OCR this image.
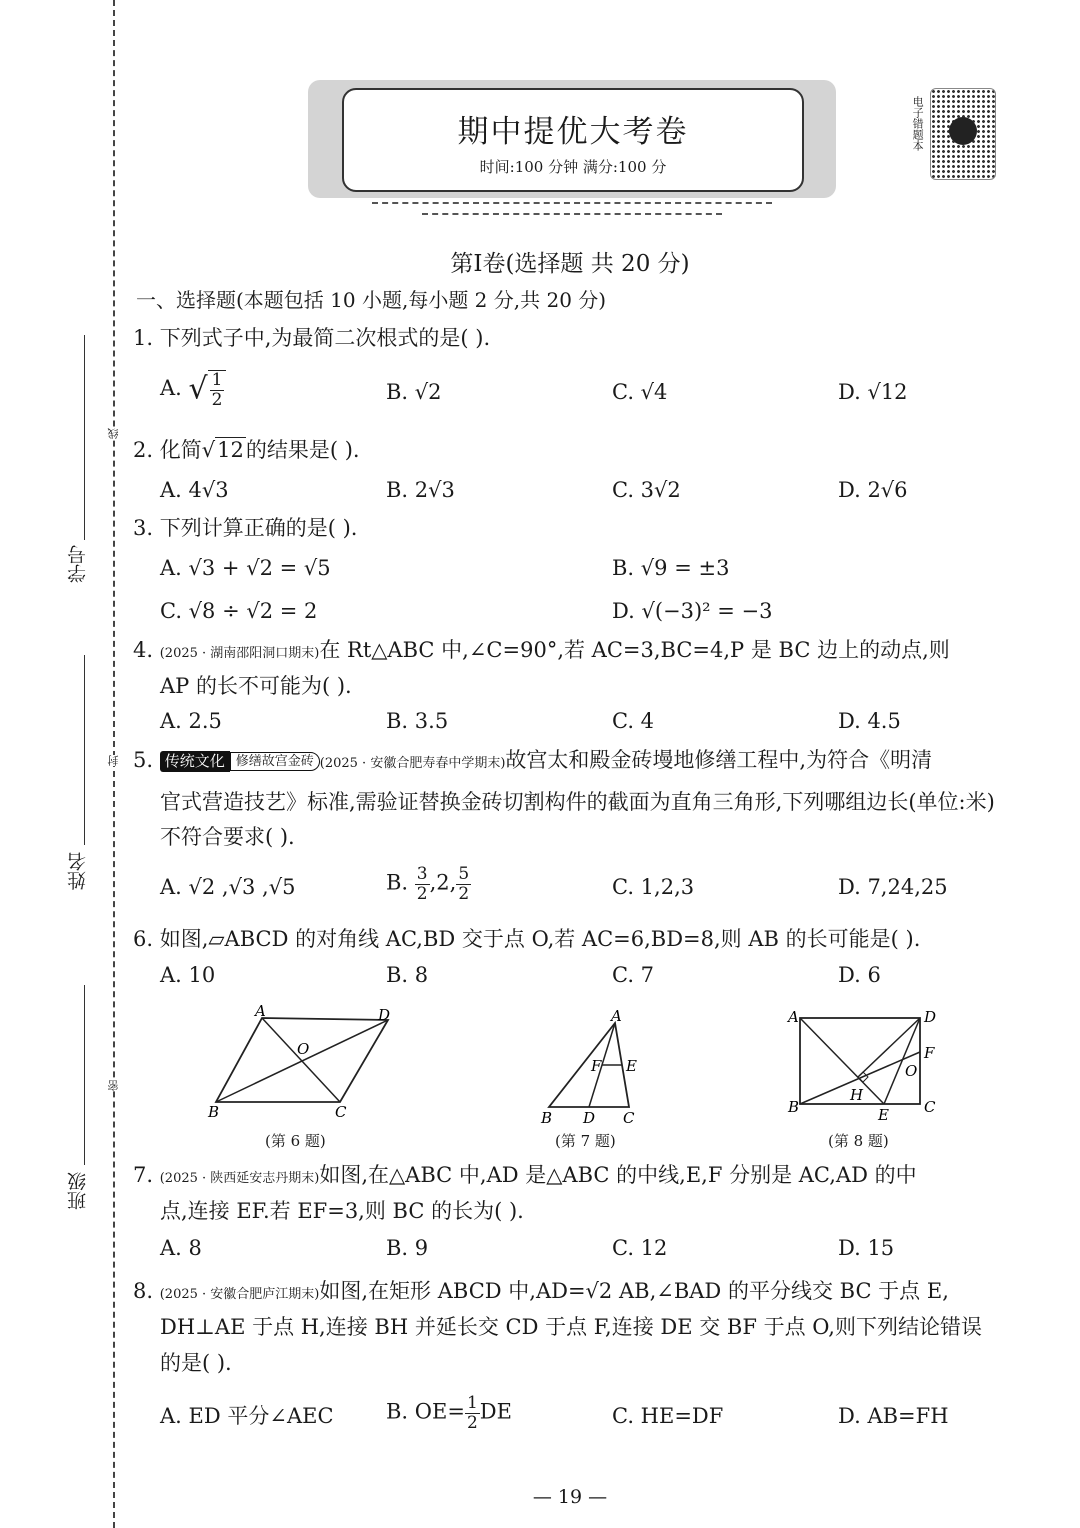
学号
姓名
班级
线
封
密
期中提优大考卷
时间:100 分钟 满分:100 分
电子错题本
第Ⅰ卷(选择题 共 20 分)
一、选择题(本题包括 10 小题,每小题 2 分,共 20 分)
1. 下列式子中,为最简二次根式的是( ).
A. √ $\frac{1}{2}$	B. √2	C. √4	D. √12
2. 化简√12的结果是( ).
A. 4√3	B. 2√3	C. 3√2	D. 2√6
3. 下列计算正确的是( ).
A. √3 + √2 = √5	B. √9 = ±3
C. √8 ÷ √2 = 2	D. √(−3)² = −3
4. (2025 · 湖南邵阳洞口期末)在 Rt△ABC 中,∠C=90°,若 AC=3,BC=4,P 是 BC 边上的动点,则
AP 的长不可能为( ).
A. 2.5	B. 3.5	C. 4	D. 4.5
5. 传统文化 修缮故宫金砖 (2025 · 安徽合肥寿春中学期末)故宫太和殿金砖墁地修缮工程中,为符合《明清
官式营造技艺》标准,需验证替换金砖切割构件的截面为直角三角形,下列哪组边长(单位:米)
不符合要求( ).
A. √2 ,√3 ,√5	B. $\frac{3}{2} ,2$, $\frac{5}{2}$	C. 1,2,3	D. 7,24,25
6. 如图,▱ABCD 的对角线 AC,BD 交于点 O,若 AC=6,BD=8,则 AB 的长可能是( ).
A. 10	B. 8	C. 7	D. 6
A	D
O
B	C
(第 6 题)
A
F E
B D C
(第 7 题)
A	D
F
O
H
B	E C
(第 8 题)
7. (2025 · 陕西延安志丹期末)如图,在△ABC 中,AD 是△ABC 的中线,E,F 分别是 AC,AD 的中
点,连接 EF.若 EF=3,则 BC 的长为( ).
A. 8	B. 9	C. 12	D. 15
8. (2025 · 安徽合肥庐江期末)如图,在矩形 ABCD 中,AD=√2 AB,∠BAD 的平分线交 BC 于点 E,
DH⊥AE 于点 H,连接 BH 并延长交 CD 于点 F,连接 DE 交 BF 于点 O,则下列结论错误
的是( ).
A. ED 平分∠AEC B. $OE= \frac{1}{2}$ DE	C. HE=DF	D. AB=FH
— 19 —
